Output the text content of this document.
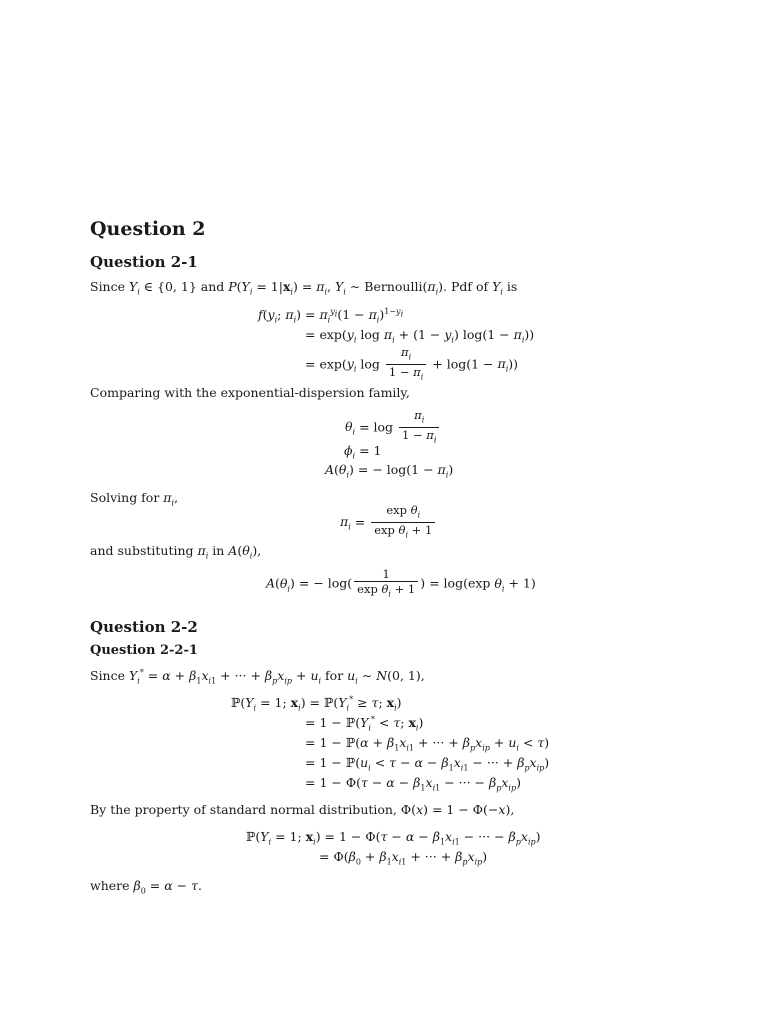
Question 2
Question 2-1

Since $Y_i$ ∈ {0, 1} and $P(Y_i = 1|x_i) = \pi_i$, $Y_i$ ∼ $Bernoulli(\pi_i)$. Pdf of $Y_i$ is

$f(y_i$; $\pi_i) = \pi_i^{y_i}(1 - \pi_i)^{1-y_i}$
= $\exp(y_i$ $\log \pi_i + (1 - y_i) \log(1 - \pi_i)$)
= $\exp(y_i$ $\log \frac{\pi_i}{1 - \pi_i} + \log(1 - \pi_i)$)

Comparing with the exponential-dispersion family,

$\theta_i = \log \frac{\pi_i}{1 - \pi_i}$
$\phi_i = 1$
$A(\theta_i)$ = − $\log(1 - \pi_i)$

Solving for $\pi_i$,

$\pi_i = \frac{\exp \theta_i}{\exp \theta_i + 1}$

and substituting $\pi_i$ in $A(\theta_i)$,

$A(\theta_i)$ = − $\log( \frac{1}{\exp \theta_i + 1}$ ) = log(exp $\theta_i + 1$)
Question 2-2
Question 2-2-1

Since $Y_i^* = \alpha + \beta_1x_{i1}$ + ··· + $\beta_px_{ip} + u_i$ for $u_i$ ∼ N(0, 1),

$ℙ(Y_i = 1$; $x_i$) = $ℙ(Y_i^* \ge \tau$; $x_i$)
= $1 - ℙ(Y_i^* < \tau$; $x_i$)
= 1 − ℙ(α + $\beta_1x_{i1}$ + ··· + $\beta_px_{ip} + u_i < \tau$)
= $1 - ℙ(u_i < \tau - \alpha - \beta_1x_{i1}$ − ··· + $\beta_px_{ip}$)
= $1 - \Phi(\tau - \alpha - \beta_1x_{i1}$ − ··· − $\beta_px_{ip}$)

By the property of standard normal distribution, Φ(x) = 1 − Φ(−x),

$ℙ(Y_i = 1$; $x_i) = 1 - \Phi(\tau - \alpha - \beta_1x_{i1}$ − ··· − $\beta_px_{ip}$)
= $\Phi(\beta_0 + \beta_1x_{i1}$ + ··· + $\beta_px_{ip}$)

where $\beta_0 = \alpha - \tau$.
